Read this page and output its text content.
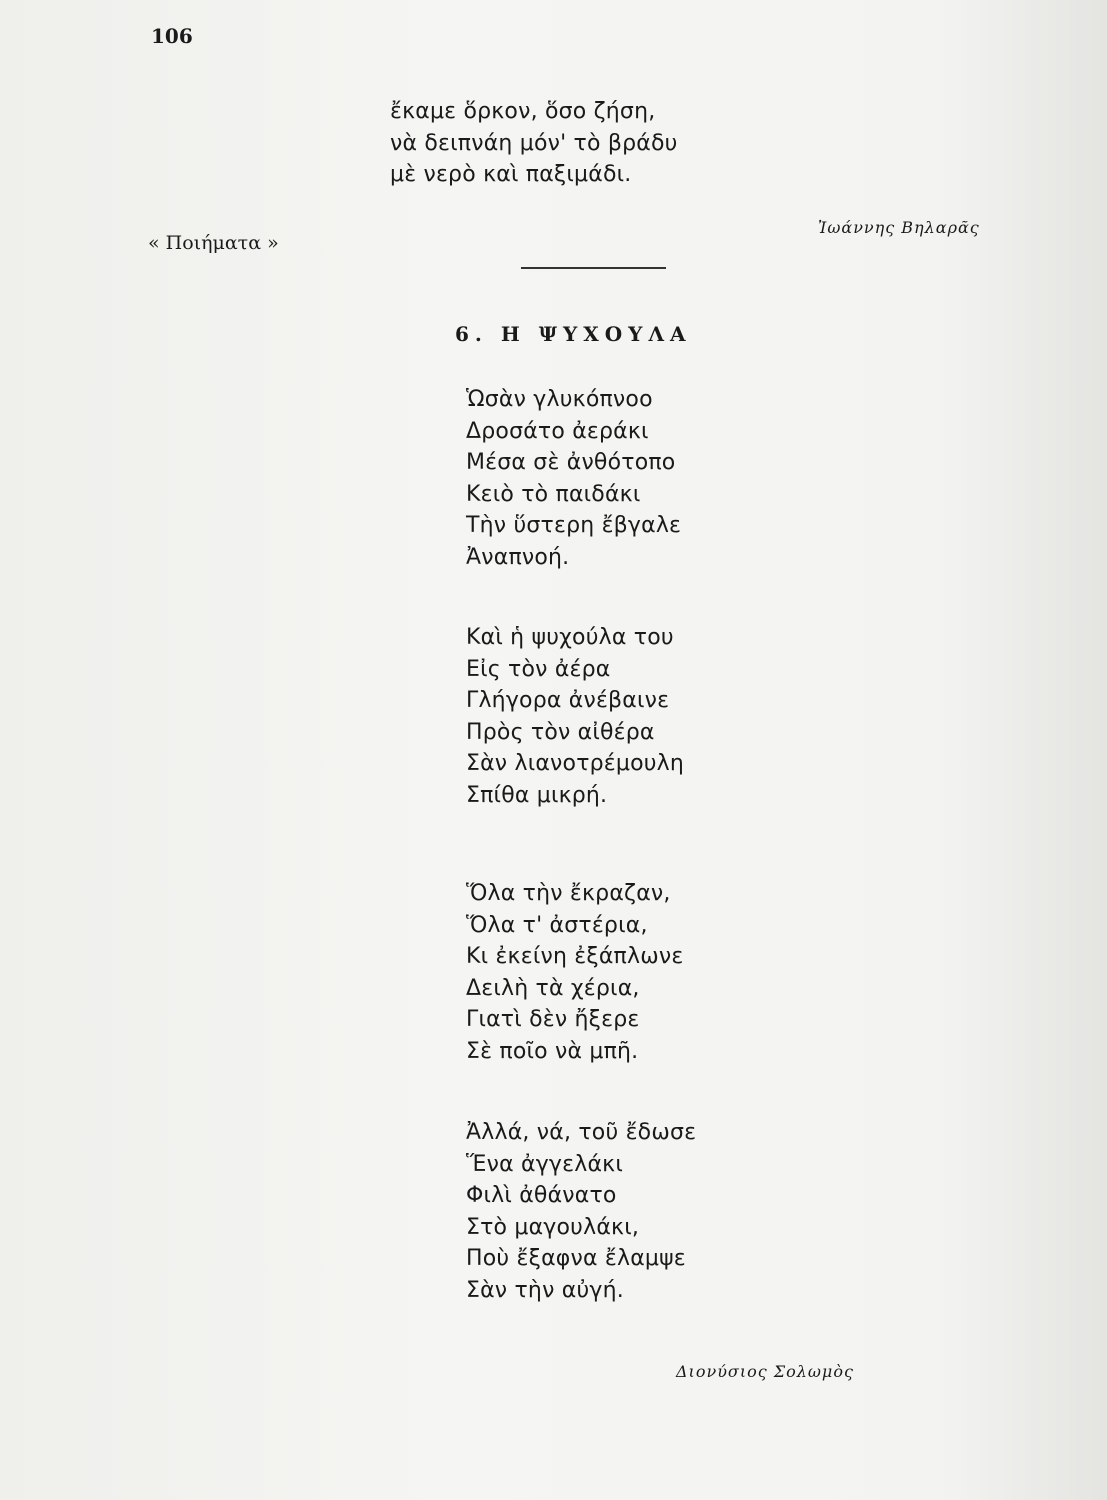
106
ἔκαμε ὅρκον, ὅσο ζήση,
νὰ δειπνάη μόν' τὸ βράδυ
μὲ νερὸ καὶ παξιμάδι.
« Ποιήματα »
Ἰωάννης Βηλαρᾶς
6. Η ΨΥΧΟΥΛΑ
Ὡσὰν γλυκόπνοο
Δροσάτο ἀεράκι
Μέσα σὲ ἀνθότοπο
Κειὸ τὸ παιδάκι
Τὴν ὕστερη ἔβγαλε
Ἀναπνοή.
Καὶ ἡ ψυχούλα του
Εἰς τὸν ἀέρα
Γλήγορα ἀνέβαινε
Πρὸς τὸν αἰθέρα
Σὰν λιανοτρέμουλη
Σπίθα μικρή.
Ὅλα τὴν ἔκραζαν,
Ὅλα τ' ἀστέρια,
Κι ἐκείνη ἐξάπλωνε
Δειλὴ τὰ χέρια,
Γιατὶ δὲν ἤξερε
Σὲ ποῖο νὰ μπῆ.
Ἀλλά, νά, τοῦ ἔδωσε
Ἕνα ἀγγελάκι
Φιλὶ ἀθάνατο
Στὸ μαγουλάκι,
Ποὺ ἔξαφνα ἔλαμψε
Σὰν τὴν αὐγή.
Διονύσιος Σολωμὸς
